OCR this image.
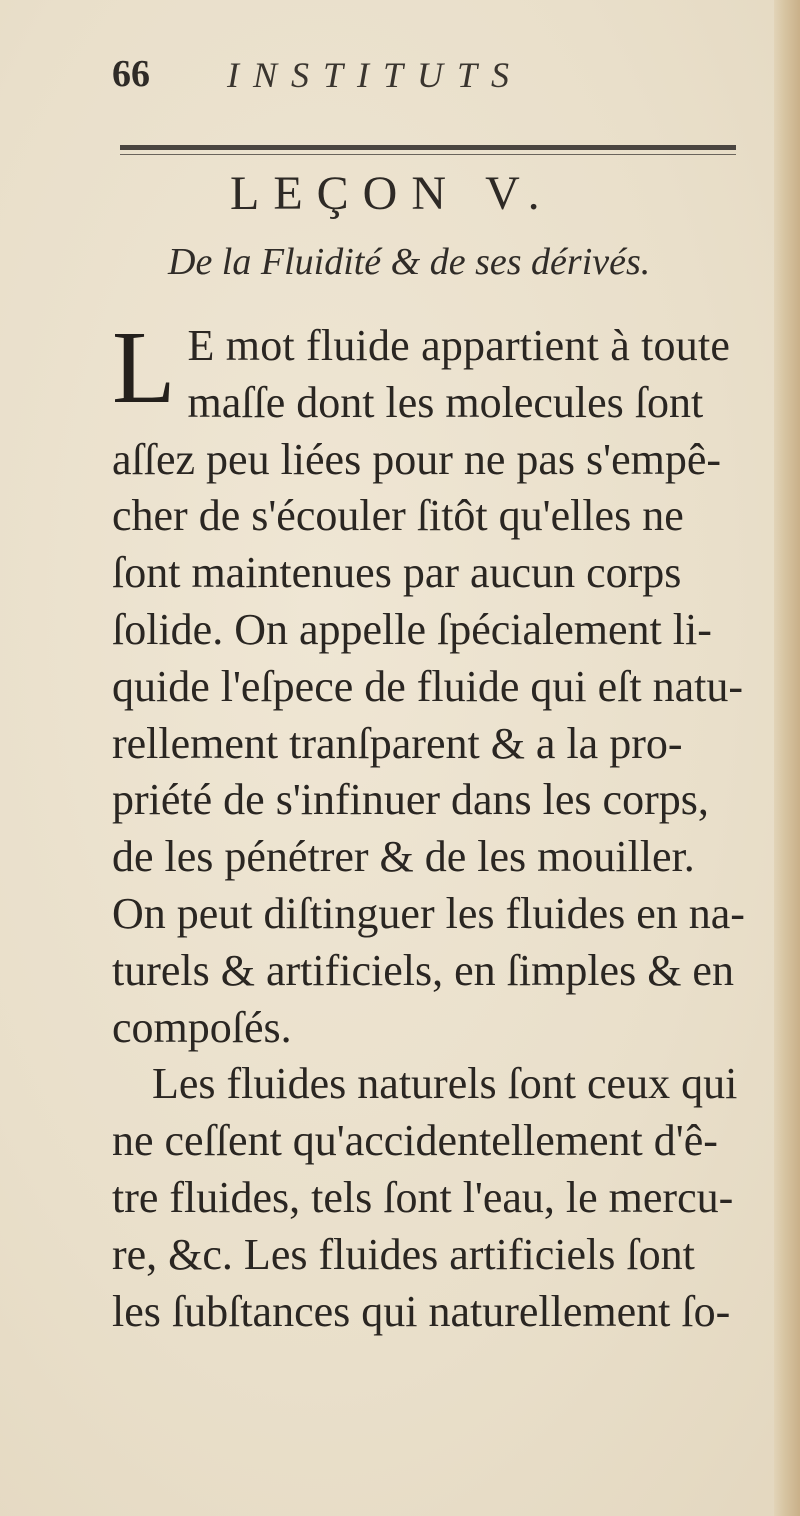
66 INSTITUTS
LEÇON V.
De la Fluidité & de ses dérivés.
L E mot fluide appartient à toute
maſſe dont les molecules ſont
aſſez peu liées pour ne pas s'empê-
cher de s'écouler ſitôt qu'elles ne
ſont maintenues par aucun corps
ſolide. On appelle ſpécialement li-
quide l'eſpece de fluide qui eſt natu-
rellement tranſparent & a la pro-
priété de s'infinuer dans les corps,
de les pénétrer & de les mouiller.
On peut diſtinguer les fluides en na-
turels & artificiels, en ſimples & en
compoſés.
Les fluides naturels ſont ceux qui
ne ceſſent qu'accidentellement d'ê-
tre fluides, tels ſont l'eau, le mercu-
re, &c. Les fluides artificiels ſont
les ſubſtances qui naturellement ſo-
